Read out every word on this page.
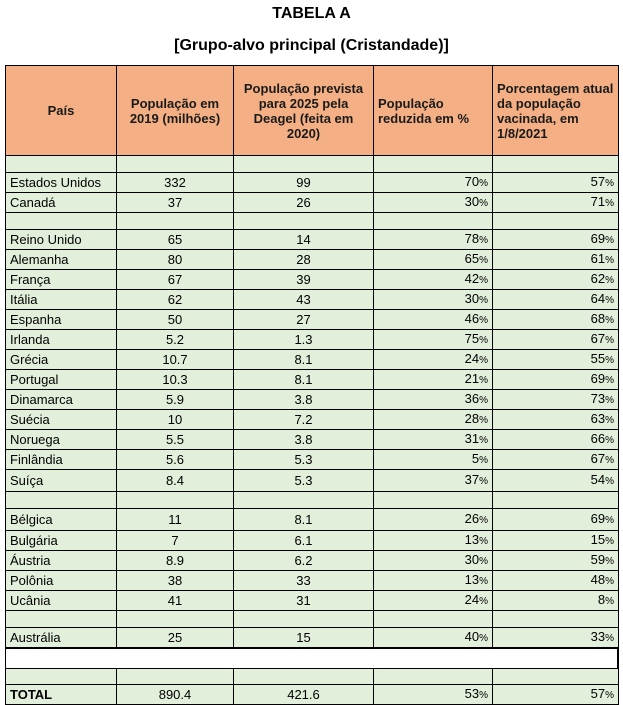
TABELA A
[Grupo-alvo principal (Cristandade)]
País	População em 2019 (milhões)	População prevista para 2025 pela Deagel (feita em 2020)	População reduzida em %	Porcentagem atual da população vacinada, em 1/8/2021

Estados Unidos	332	99	70%	57%
Canadá	37	26	30%	71%

Reino Unido	65	14	78%	69%
Alemanha	80	28	65%	61%
França	67	39	42%	62%
Itália	62	43	30%	64%
Espanha	50	27	46%	68%
Irlanda	5.2	1.3	75%	67%
Grécia	10.7	8.1	24%	55%
Portugal	10.3	8.1	21%	69%
Dinamarca	5.9	3.8	36%	73%
Suécia	10	7.2	28%	63%
Noruega	5.5	3.8	31%	66%
Finlândia	5.6	5.3	5%	67%
Suíça	8.4	5.3	37%	54%

Bélgica	11	8.1	26%	69%
Bulgária	7	6.1	13%	15%
Áustria	8.9	6.2	30%	59%
Polônia	38	33	13%	48%
Ucânia	41	31	24%	8%

Austrália	25	15	40%	33%

TOTAL	890.4	421.6	53%	57%
